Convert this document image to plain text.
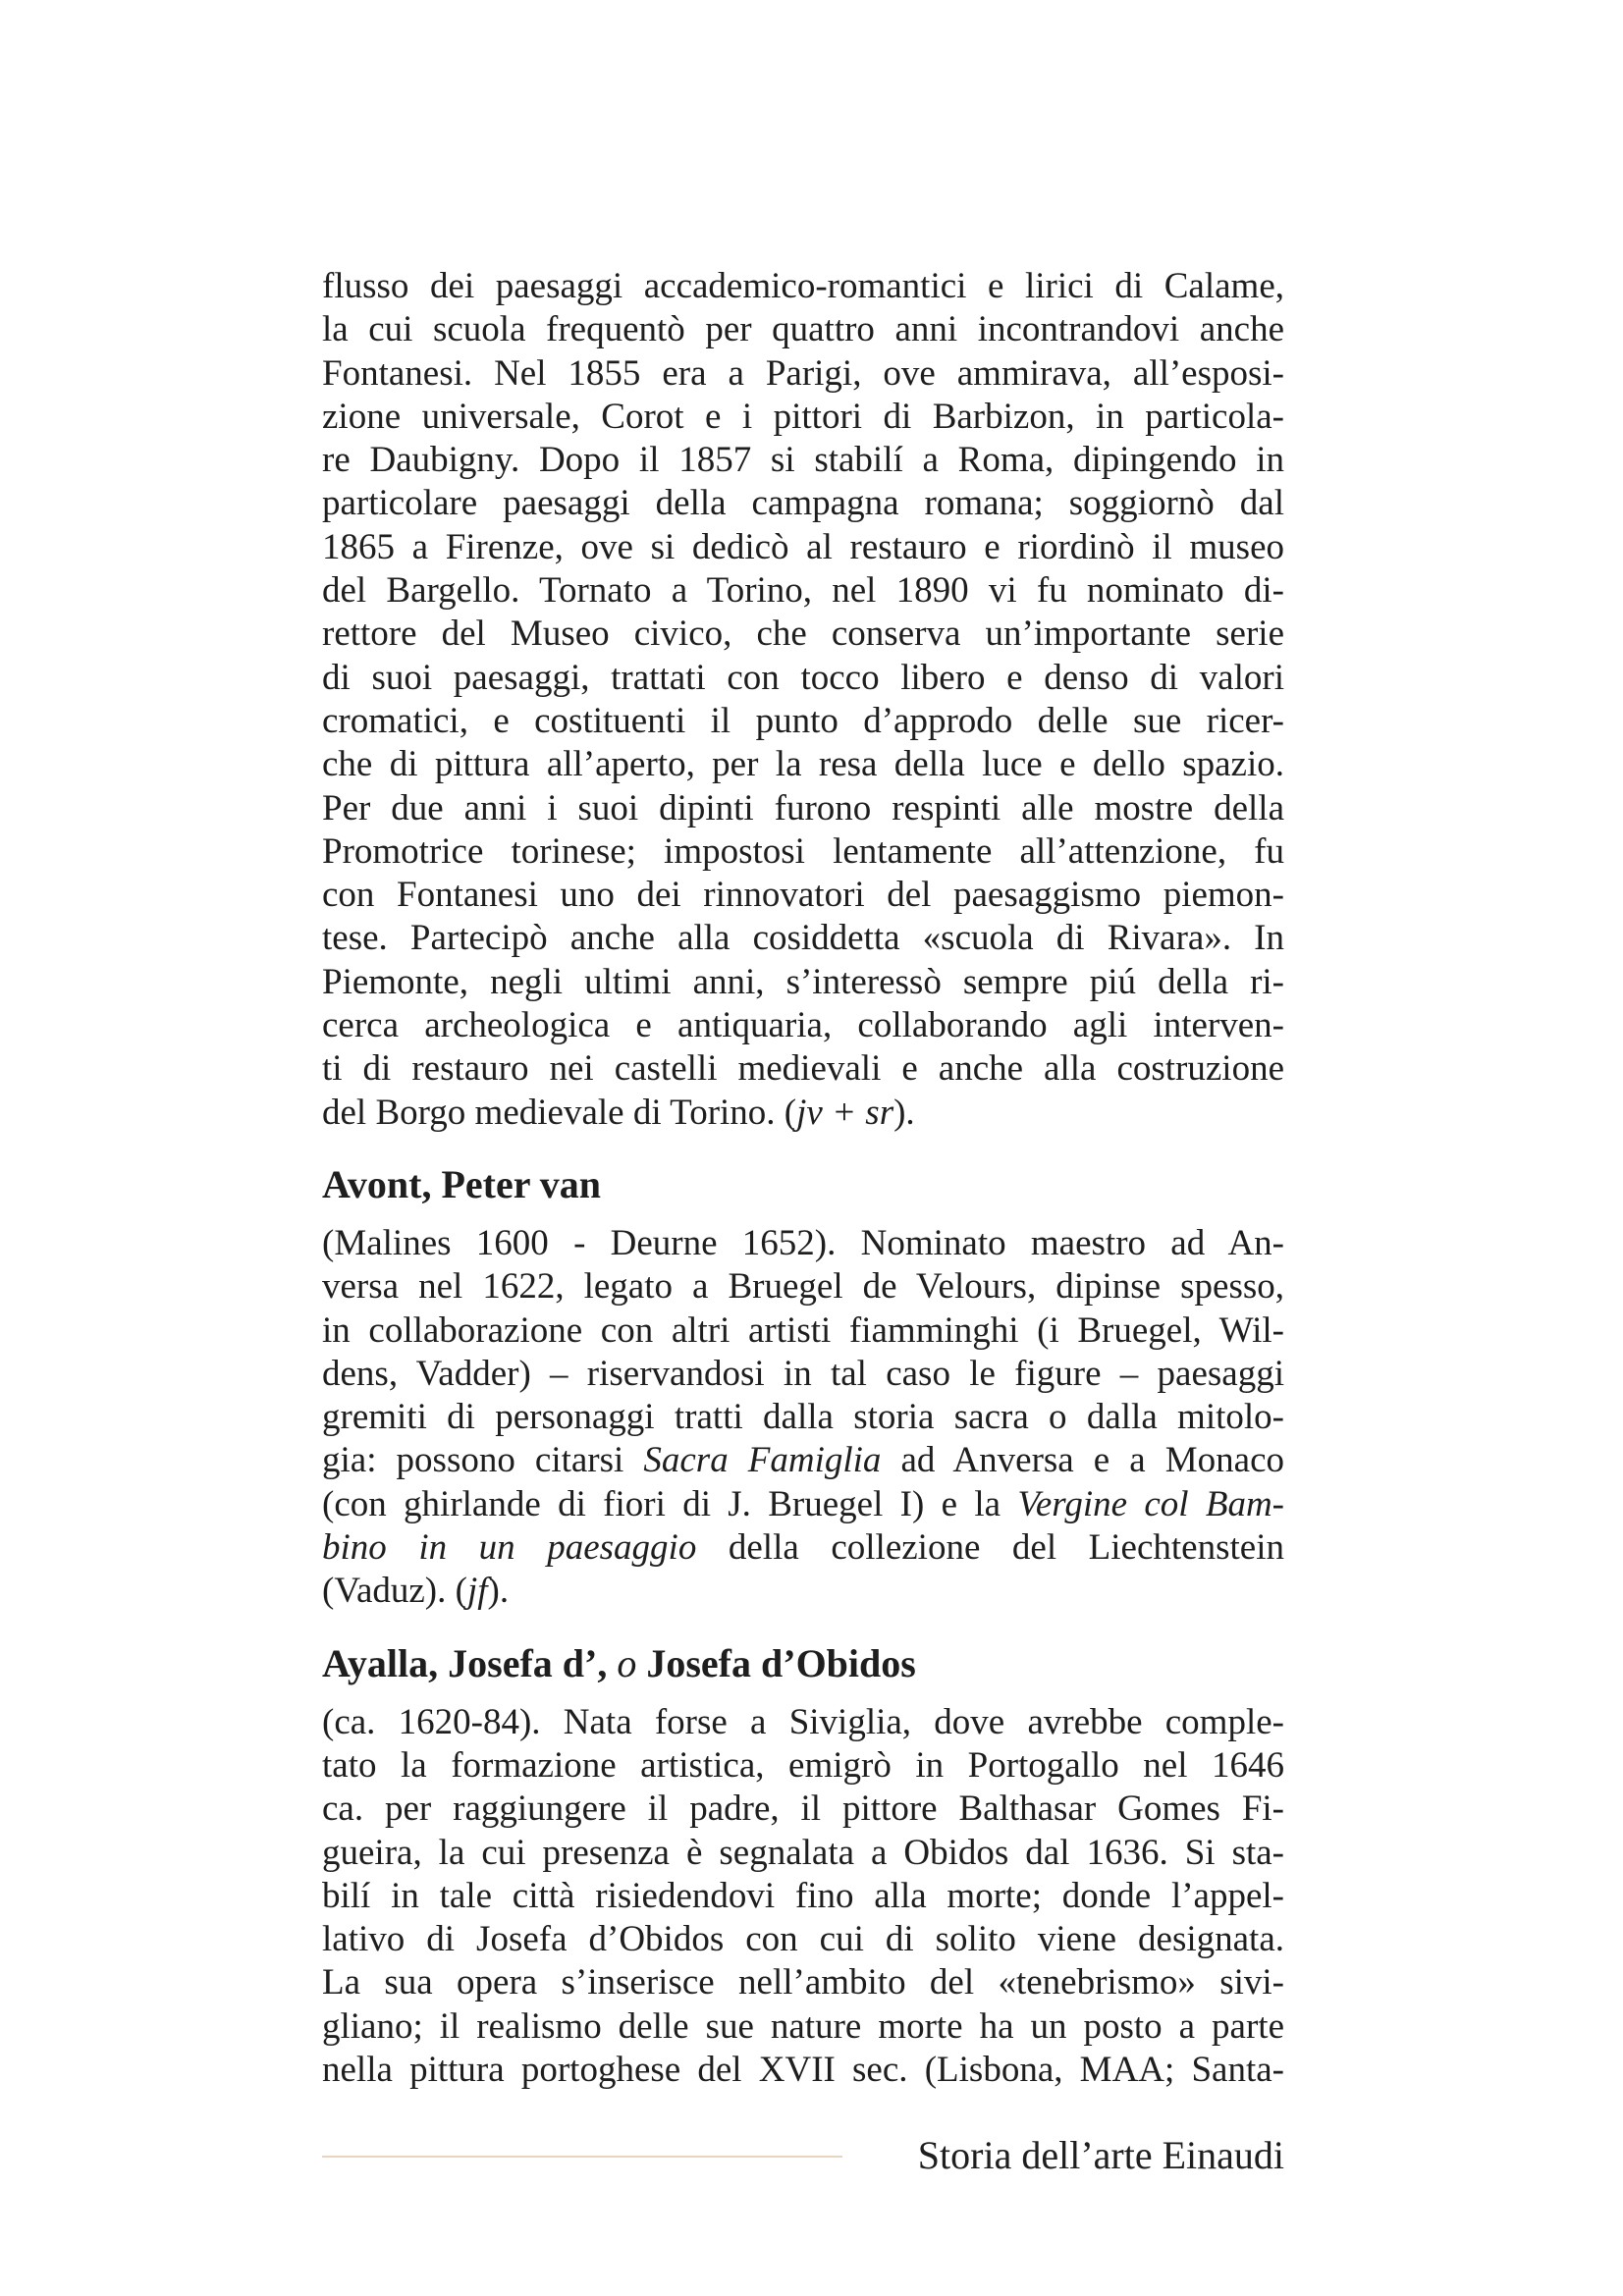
flusso dei paesaggi accademico-romantici e lirici di Calame,
la cui scuola frequentò per quattro anni incontrandovi anche
Fontanesi. Nel 1855 era a Parigi, ove ammirava, all’esposi-
zione universale, Corot e i pittori di Barbizon, in particola-
re Daubigny. Dopo il 1857 si stabilí a Roma, dipingendo in
particolare paesaggi della campagna romana; soggiornò dal
1865 a Firenze, ove si dedicò al restauro e riordinò il museo
del Bargello. Tornato a Torino, nel 1890 vi fu nominato di-
rettore del Museo civico, che conserva un’importante serie
di suoi paesaggi, trattati con tocco libero e denso di valori
cromatici, e costituenti il punto d’approdo delle sue ricer-
che di pittura all’aperto, per la resa della luce e dello spazio.
Per due anni i suoi dipinti furono respinti alle mostre della
Promotrice torinese; impostosi lentamente all’attenzione, fu
con Fontanesi uno dei rinnovatori del paesaggismo piemon-
tese. Partecipò anche alla cosiddetta «scuola di Rivara». In
Piemonte, negli ultimi anni, s’interessò sempre piú della ri-
cerca archeologica e antiquaria, collaborando agli interven-
ti di restauro nei castelli medievali e anche alla costruzione
del Borgo medievale di Torino. (jv + sr).
Avont, Peter van
(Malines 1600 - Deurne 1652). Nominato maestro ad An-
versa nel 1622, legato a Bruegel de Velours, dipinse spesso,
in collaborazione con altri artisti fiamminghi (i Bruegel, Wil-
dens, Vadder) – riservandosi in tal caso le figure – paesaggi
gremiti di personaggi tratti dalla storia sacra o dalla mitolo-
gia: possono citarsi Sacra Famiglia ad Anversa e a Monaco
(con ghirlande di fiori di J. Bruegel I) e la Vergine col Bam-
bino in un paesaggio della collezione del Liechtenstein
(Vaduz). (jf).
Ayalla, Josefa d’, o Josefa d’Obidos
(ca. 1620-84). Nata forse a Siviglia, dove avrebbe comple-
tato la formazione artistica, emigrò in Portogallo nel 1646
ca. per raggiungere il padre, il pittore Balthasar Gomes Fi-
gueira, la cui presenza è segnalata a Obidos dal 1636. Si sta-
bilí in tale città risiedendovi fino alla morte; donde l’appel-
lativo di Josefa d’Obidos con cui di solito viene designata.
La sua opera s’inserisce nell’ambito del «tenebrismo» sivi-
gliano; il realismo delle sue nature morte ha un posto a parte
nella pittura portoghese del XVII sec. (Lisbona, MAA; Santa-
Storia dell’arte Einaudi
